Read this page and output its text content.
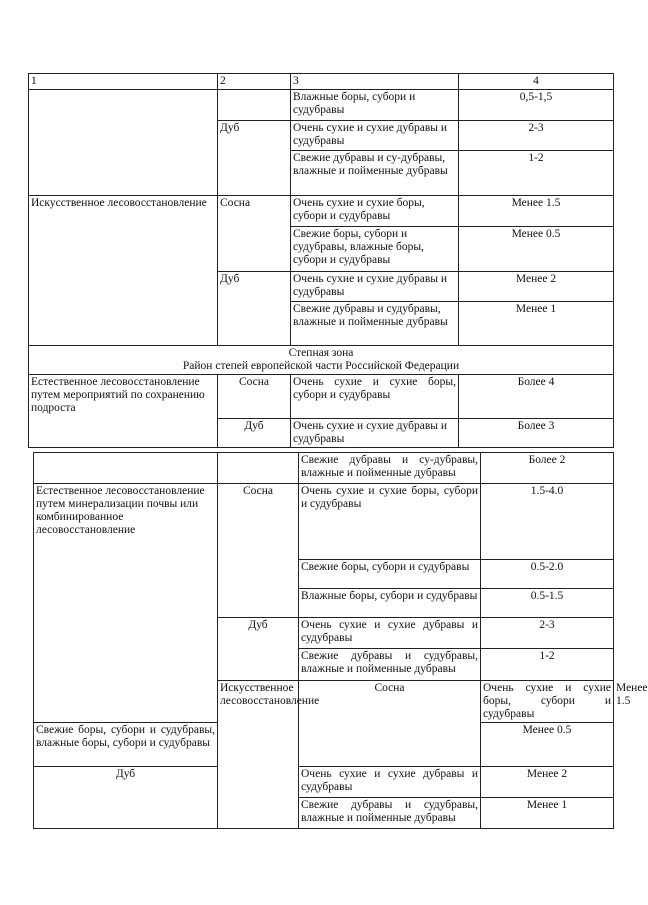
1	2	3	4
		Влажные боры, субори и судубравы	0,5-1,5
	Дуб	Очень сухие и сухие дубравы и судубравы	2-3
		Свежие дубравы и су-дубравы, влажные и пойменные дубравы	1-2
Искусственное лесовосстановление	Сосна	Очень сухие и сухие боры, субори и судубравы	Менее 1.5
		Свежие боры, субори и судубравы, влажные боры, субори и судубравы	Менее 0.5
	Дуб	Очень сухие и сухие дубравы и судубравы	Менее 2
		Свежие дубравы и судубравы, влажные и пойменные дубравы	Менее 1
Степная зона
Район степей европейской части Российской Федерации			

Естественное лесовосстановление путем мероприятий по сохранению подроста	Сосна	Очень сухие и сухие боры, субори и судубравы	Более 4
	Дуб	Очень сухие и сухие дубравы и судубравы	Более 3
		Свежие дубравы и су-дубравы, влажные и пойменные дубравы	Более 2	
Естественное лесовосстановление путем минерализации почвы или комбинированное лесовосстановление	Сосна	Очень сухие и сухие боры, субори и судубравы	1.5-4.0	
		Свежие боры, субори и судубравы	0.5-2.0	
		Влажные боры, субори и судубравы	0.5-1.5	
	Дуб	Очень сухие и сухие дубравы и судубравы	2-3	
		Свежие дубравы и судубравы, влажные и пойменные дубравы	1-2	
	Искусственное лесовосстановление	Сосна	Очень сухие и сухие боры, субори и судубравы	Менее 1.5
Свежие боры, субори и судубравы, влажные боры, субори и судубравы			Менее 0.5	
Дуб		Очень сухие и сухие дубравы и судубравы	Менее 2	
		Свежие дубравы и судубравы, влажные и пойменные дубравы	Менее 1	
